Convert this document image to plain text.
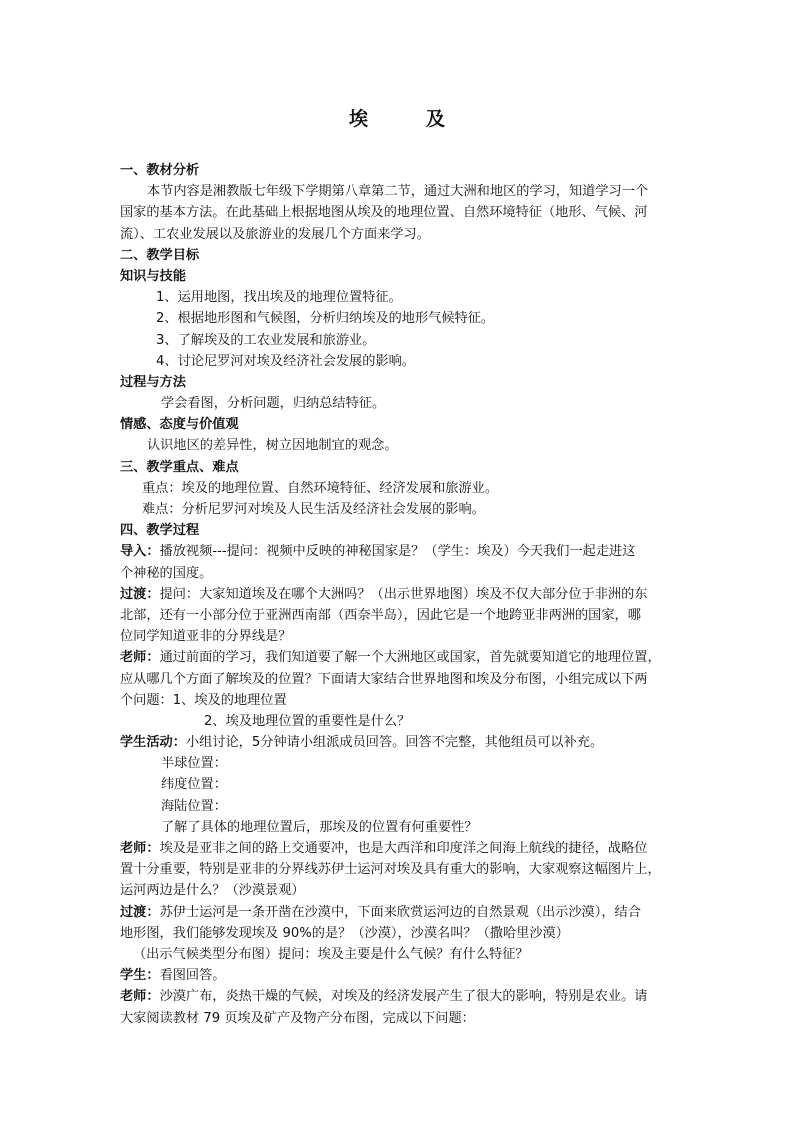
埃	及
一、教材分析
本节内容是湘教版七年级下学期第八章第二节，通过大洲和地区的学习，知道学习一个
国家的基本方法。在此基础上根据地图从埃及的地理位置、自然环境特征（地形、气候、河
流）、工农业发展以及旅游业的发展几个方面来学习。
二、教学目标
知识与技能
1、运用地图，找出埃及的地理位置特征。
2、根据地形图和气候图，分析归纳埃及的地形气候特征。
3、了解埃及的工农业发展和旅游业。
4、讨论尼罗河对埃及经济社会发展的影响。
过程与方法
学会看图，分析问题，归纳总结特征。
情感、态度与价值观
认识地区的差异性，树立因地制宜的观念。
三、教学重点、难点
重点：埃及的地理位置、自然环境特征、经济发展和旅游业。
难点：分析尼罗河对埃及人民生活及经济社会发展的影响。
四、教学过程
导入：播放视频---提问：视频中反映的神秘国家是？（学生：埃及）今天我们一起走进这
个神秘的国度。
过渡：提问：大家知道埃及在哪个大洲吗？（出示世界地图）埃及不仅大部分位于非洲的东
北部，还有一小部分位于亚洲西南部（西奈半岛），因此它是一个地跨亚非两洲的国家，哪
位同学知道亚非的分界线是？
老师：通过前面的学习，我们知道要了解一个大洲地区或国家，首先就要知道它的地理位置，
应从哪几个方面了解埃及的位置？下面请大家结合世界地图和埃及分布图，小组完成以下两
个问题：1、埃及的地理位置
2、埃及地理位置的重要性是什么？
学生活动：小组讨论，5分钟请小组派成员回答。回答不完整，其他组员可以补充。
半球位置：
纬度位置：
海陆位置：
了解了具体的地理位置后，那埃及的位置有何重要性？
老师：埃及是亚非之间的路上交通要冲，也是大西洋和印度洋之间海上航线的捷径，战略位
置十分重要，特别是亚非的分界线苏伊士运河对埃及具有重大的影响，大家观察这幅图片上，
运河两边是什么？（沙漠景观）
过渡：苏伊士运河是一条开凿在沙漠中，下面来欣赏运河边的自然景观（出示沙漠），结合
地形图，我们能够发现埃及 90%的是？（沙漠），沙漠名叫？（撒哈里沙漠）
（出示气候类型分布图）提问：埃及主要是什么气候？有什么特征？
学生：看图回答。
老师：沙漠广布，炎热干燥的气候，对埃及的经济发展产生了很大的影响，特别是农业。请
大家阅读教材 79 页埃及矿产及物产分布图，完成以下问题：
